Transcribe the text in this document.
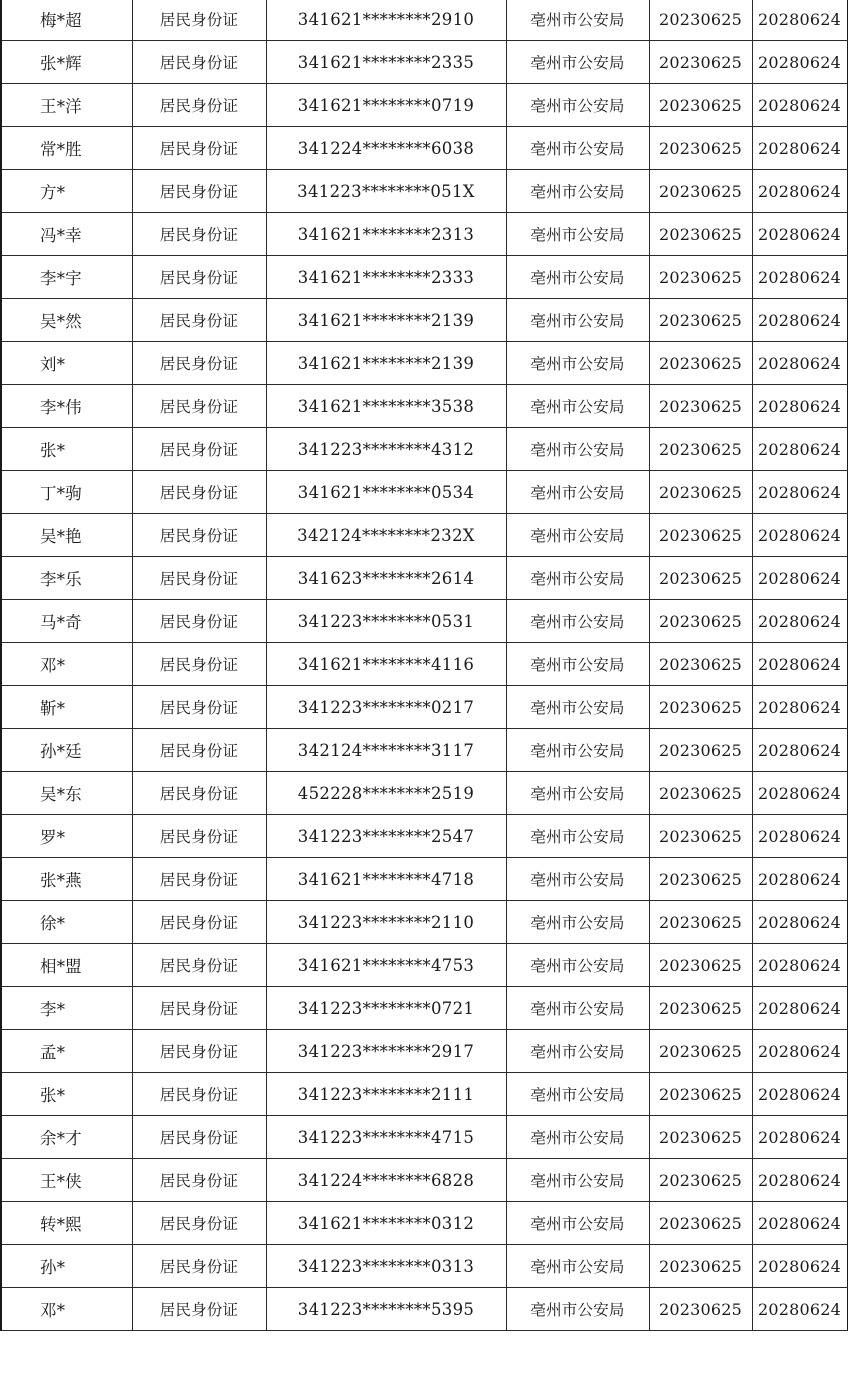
梅*超	居民身份证	341621********2910	亳州市公安局	20230625	20280624
张*辉	居民身份证	341621********2335	亳州市公安局	20230625	20280624
王*洋	居民身份证	341621********0719	亳州市公安局	20230625	20280624
常*胜	居民身份证	341224********6038	亳州市公安局	20230625	20280624
方*	居民身份证	341223********051X	亳州市公安局	20230625	20280624
冯*幸	居民身份证	341621********2313	亳州市公安局	20230625	20280624
李*宇	居民身份证	341621********2333	亳州市公安局	20230625	20280624
吴*然	居民身份证	341621********2139	亳州市公安局	20230625	20280624
刘*	居民身份证	341621********2139	亳州市公安局	20230625	20280624
李*伟	居民身份证	341621********3538	亳州市公安局	20230625	20280624
张*	居民身份证	341223********4312	亳州市公安局	20230625	20280624
丁*驹	居民身份证	341621********0534	亳州市公安局	20230625	20280624
吴*艳	居民身份证	342124********232X	亳州市公安局	20230625	20280624
李*乐	居民身份证	341623********2614	亳州市公安局	20230625	20280624
马*奇	居民身份证	341223********0531	亳州市公安局	20230625	20280624
邓*	居民身份证	341621********4116	亳州市公安局	20230625	20280624
靳*	居民身份证	341223********0217	亳州市公安局	20230625	20280624
孙*廷	居民身份证	342124********3117	亳州市公安局	20230625	20280624
吴*东	居民身份证	452228********2519	亳州市公安局	20230625	20280624
罗*	居民身份证	341223********2547	亳州市公安局	20230625	20280624
张*燕	居民身份证	341621********4718	亳州市公安局	20230625	20280624
徐*	居民身份证	341223********2110	亳州市公安局	20230625	20280624
相*盟	居民身份证	341621********4753	亳州市公安局	20230625	20280624
李*	居民身份证	341223********0721	亳州市公安局	20230625	20280624
孟*	居民身份证	341223********2917	亳州市公安局	20230625	20280624
张*	居民身份证	341223********2111	亳州市公安局	20230625	20280624
余*才	居民身份证	341223********4715	亳州市公安局	20230625	20280624
王*侠	居民身份证	341224********6828	亳州市公安局	20230625	20280624
转*熙	居民身份证	341621********0312	亳州市公安局	20230625	20280624
孙*	居民身份证	341223********0313	亳州市公安局	20230625	20280624
邓*	居民身份证	341223********5395	亳州市公安局	20230625	20280624
